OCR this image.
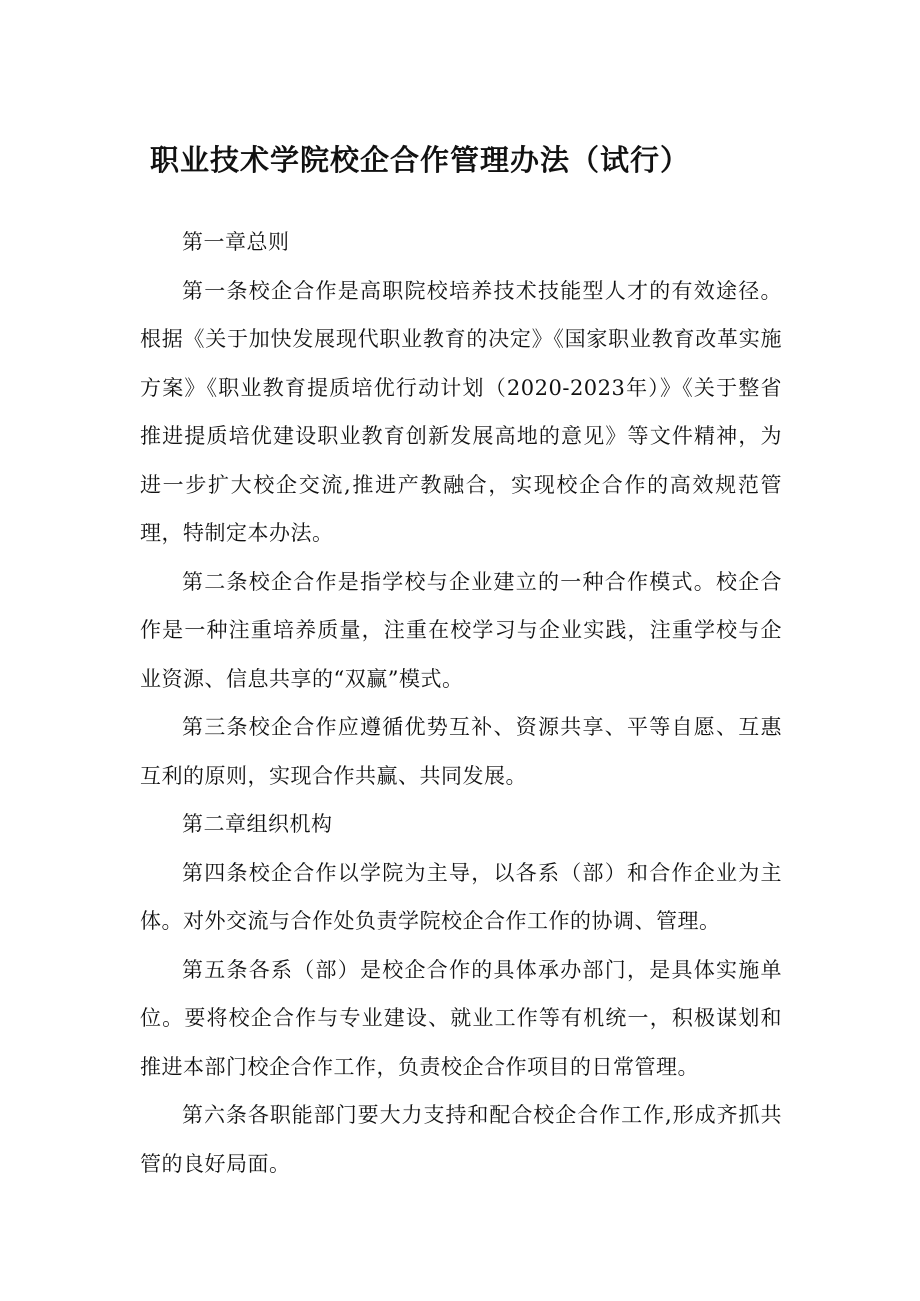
职业技术学院校企合作管理办法（试行）

第一章总则

第一条校企合作是高职院校培养技术技能型人才的有效途径。根据《关于加快发展现代职业教育的决定》《国家职业教育改革实施方案》《职业教育提质培优行动计划（2020-2023年）》《关于整省推进提质培优建设职业教育创新发展高地的意见》等文件精神，为进一步扩大校企交流,推进产教融合，实现校企合作的高效规范管理，特制定本办法。

第二条校企合作是指学校与企业建立的一种合作模式。校企合作是一种注重培养质量，注重在校学习与企业实践，注重学校与企业资源、信息共享的“双赢”模式。

第三条校企合作应遵循优势互补、资源共享、平等自愿、互惠互利的原则，实现合作共赢、共同发展。

第二章组织机构

第四条校企合作以学院为主导，以各系（部）和合作企业为主体。对外交流与合作处负责学院校企合作工作的协调、管理。

第五条各系（部）是校企合作的具体承办部门，是具体实施单位。要将校企合作与专业建设、就业工作等有机统一，积极谋划和推进本部门校企合作工作，负责校企合作项目的日常管理。

第六条各职能部门要大力支持和配合校企合作工作,形成齐抓共管的良好局面。
